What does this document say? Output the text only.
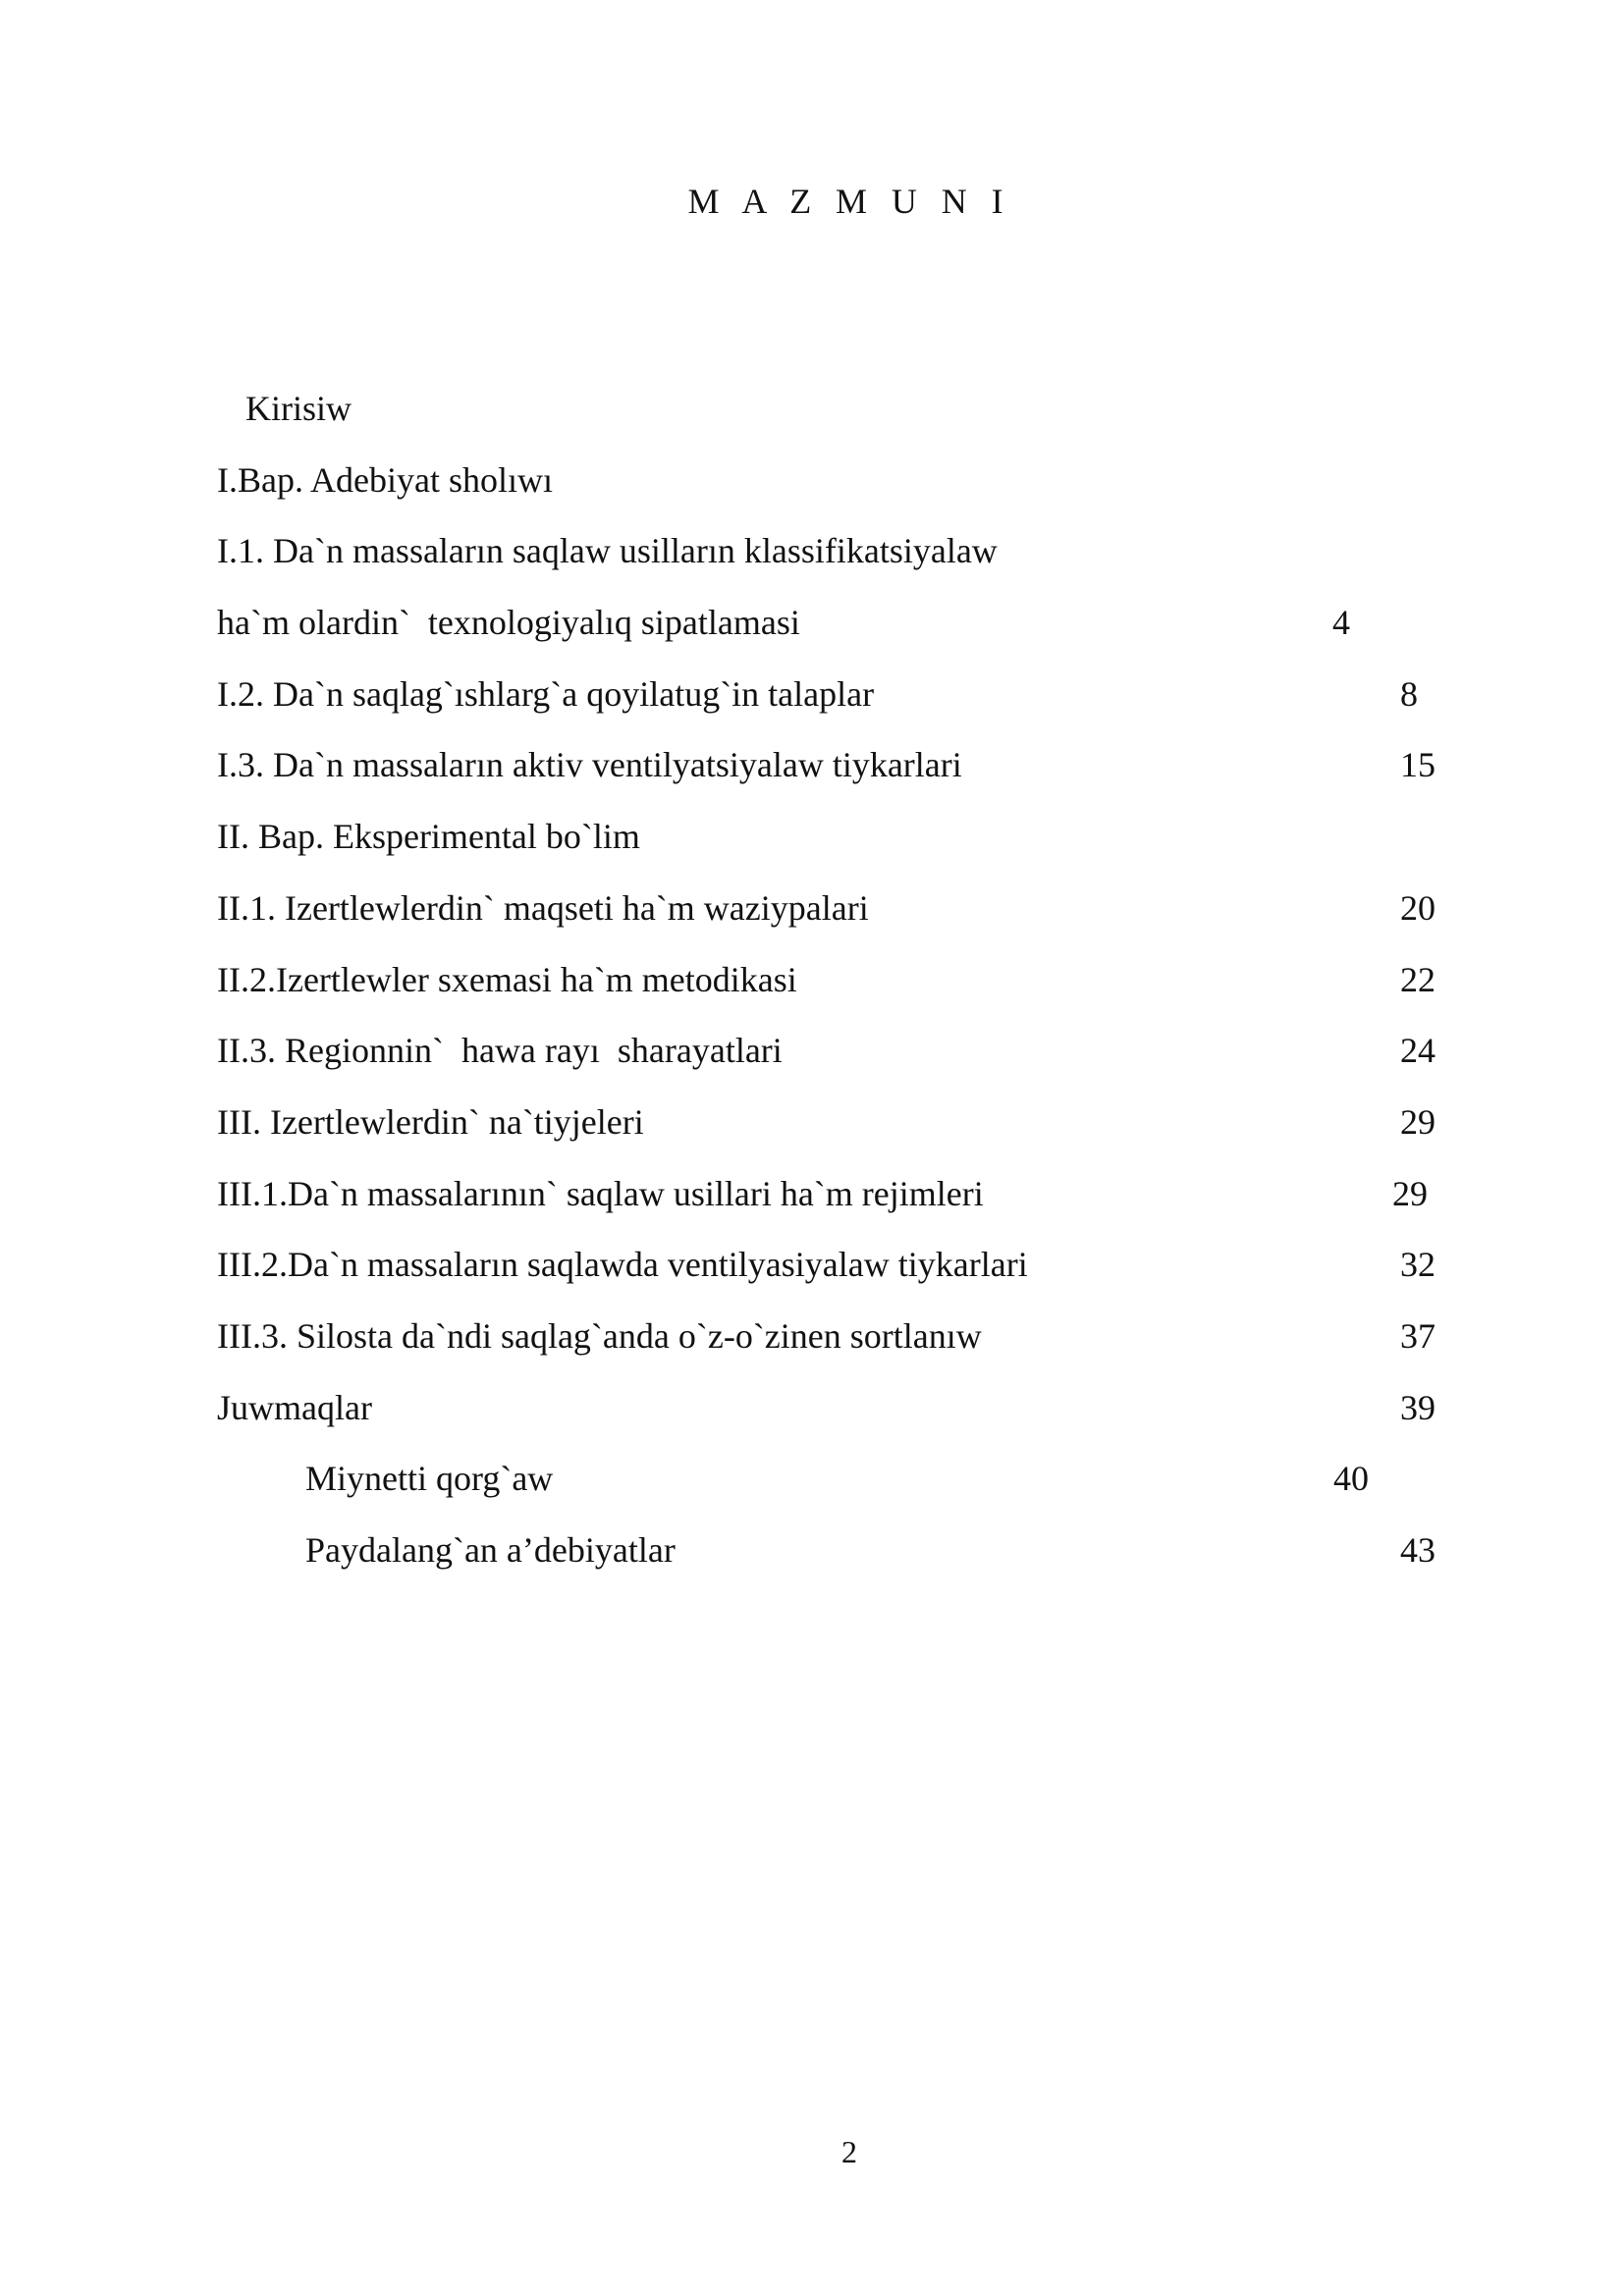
M A Z M U N I
Kirisiw
I.Bap. Adebiyat sholıwı
I.1. Da`n massaların saqlaw usilların klassifikatsiyalaw
ha`m olardin`  texnologiyalıq sipatlamasi	4
I.2. Da`n saqlag`ıshlarg`a qoyilatug`in talaplar	8
I.3. Da`n massaların aktiv ventilyatsiyalaw tiykarlari	15
II. Bap. Eksperimental bo`lim
II.1. Izertlewlerdin` maqseti ha`m waziypalari	20
II.2.Izertlewler sxemasi ha`m metodikasi	22
II.3. Regionnin`  hawa rayı  sharayatlari	24
III. Izertlewlerdin` na`tiyjeleri	29
III.1.Da`n massalarının` saqlaw usillari ha`m rejimleri	29
III.2.Da`n massaların saqlawda ventilyasiyalaw tiykarlari	32
III.3. Silosta da`ndi saqlag`anda o`z-o`zinen sortlanıw	37
Juwmaqlar	39
Miynetti qorg`aw	40
Paydalang`an a’debiyatlar	43
2
